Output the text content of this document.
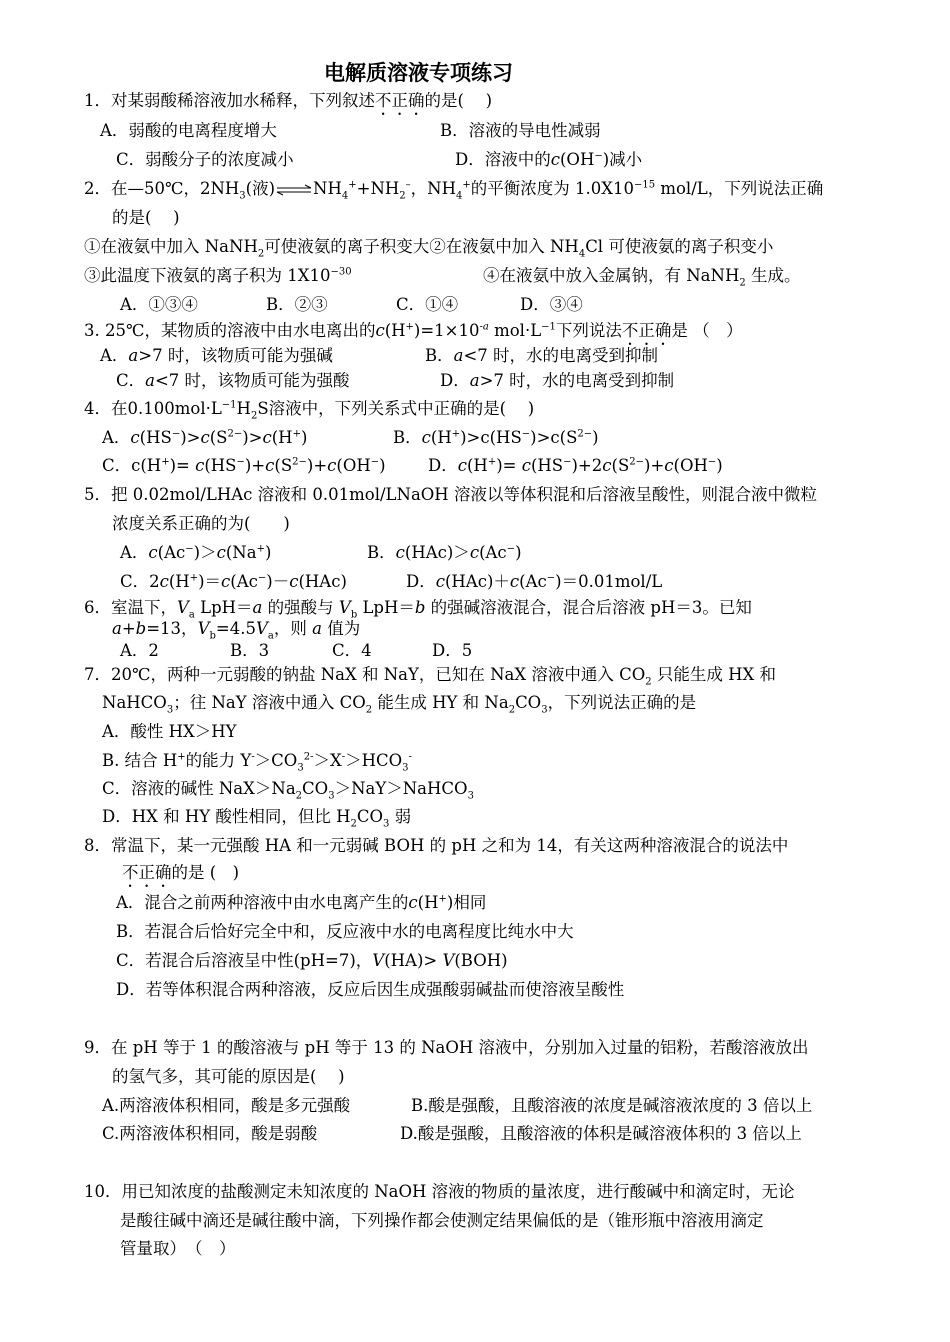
电解质溶液专项练习
1．对某弱酸稀溶液加水稀释，下列叙述不正确的是(　 )
A．弱酸的电离程度增大	B．溶液的导电性减弱
C．弱酸分子的浓度减小	D．溶液中的c(OH−)减小
2．在—50℃，$2NH_3$(液)$\rightleftharpoons NH_4^++NH_2^-$，$NH_4^+$的平衡浓度为 $1.0X10^{-15}$ mol/L，下列说法正确
的是(　 )
①在液氨中加入 NaNH$_2$可使液氨的离子积变大②在液氨中加入 $NH_4Cl$ 可使液氨的离子积变小
③此温度下液氨的离子积为 $1X10^{-30}$	④在液氨中放入金属钠，有 NaNH$_2$ 生成。
A．①③④	B．②③	C．①④	D．③④
3. 25℃，某物质的溶液中由水电离出的$c(H^+)=1\times 10^{-a}$ $mol\cdot L^{-1}$下列说法不正确是 （　）
A．a>7 时，该物质可能为强碱	B．a<7 时，水的电离受到抑制
C．a<7 时，该物质可能为强酸	D．a>7 时，水的电离受到抑制
4．在$0.100mol\cdot L^{-1}H_2S$溶液中，下列关系式中正确的是(　 )
A．$c(HS^-)>c(S^{2-})>c(H^+)$	B．$c(H^+)>c(HS^-)>c(S^{2-})$
C．$c(H^+)= c(HS^-)+c(S^{2-})+c(OH^-)$	D．$c(H^+)= c(HS^-)+2c(S^{2-})+c(OH^-)$
5．把 0.02mol/LHAc 溶液和 0.01mol/LNaOH 溶液以等体积混和后溶液呈酸性，则混合液中微粒
浓度关系正确的为(　　)
A．c(Ac−)＞c(Na+)	B．c(HAc)＞c(Ac−)
C．2c(H+)＝c(Ac−)－c(HAc)	D．c(HAc)＋c(Ac−)＝0.01mol/L
6．室温下，$V_a$ LpH＝a 的强酸与 $V_b$ LpH＝b 的强碱溶液混合，混合后溶液 pH＝3。已知
a+b=13，$V_b=4.5V_a$，则 a 值为
A．2	B．3	C．4	D．5
7．20℃，两种一元弱酸的钠盐 NaX 和 NaY，已知在 NaX 溶液中通入 $CO_2$ 只能生成 HX 和
NaHCO$_3$；往 NaY 溶液中通入 $CO_2$ 能生成 HY 和 $Na_2CO_3$，下列说法正确的是
A．酸性 HX＞HY
B. 结合 H+的能力 $Y^->CO_3^{2-}>X^->HCO_3^-$
C．溶液的碱性 $NaX>Na_2CO_3>NaY>NaHCO_3$
D．HX 和 HY 酸性相同，但比 $H_2CO_3$ 弱
8．常温下，某一元强酸 HA 和一元弱碱 BOH 的 pH 之和为 14，有关这两种溶液混合的说法中
不正确的是 (　)
A．混合之前两种溶液中由水电离产生的c(H+)相同
B．若混合后恰好完全中和，反应液中水的电离程度比纯水中大
C．若混合后溶液呈中性(pH=7)，V(HA)> V(BOH)
D．若等体积混合两种溶液，反应后因生成强酸弱碱盐而使溶液呈酸性
9．在 pH 等于 1 的酸溶液与 pH 等于 13 的 NaOH 溶液中，分别加入过量的铝粉，若酸溶液放出
的氢气多，其可能的原因是(　 )
A.两溶液体积相同，酸是多元强酸	B.酸是强酸，且酸溶液的浓度是碱溶液浓度的 3 倍以上
C.两溶液体积相同，酸是弱酸	D.酸是强酸，且酸溶液的体积是碱溶液体积的 3 倍以上
10．用已知浓度的盐酸测定未知浓度的 NaOH 溶液的物质的量浓度，进行酸碱中和滴定时，无论
是酸往碱中滴还是碱往酸中滴，下列操作都会使测定结果偏低的是（锥形瓶中溶液用滴定
管量取）　（　）
